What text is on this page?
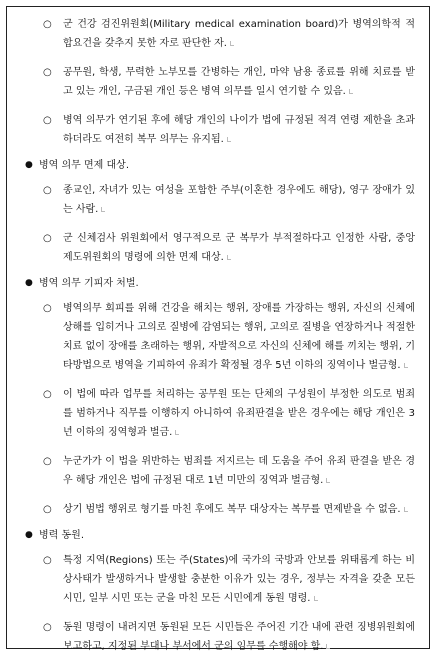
○ 군 건강 검진위원회(Military medical examination board)가 병역의학적 적합요건을 갖추지 못한 자로 판단한 자.
○ 공무원, 학생, 무력한 노부모를 간병하는 개인, 마약 남용 종료를 위해 치료를 받고 있는 개인, 구금된 개인 등은 병역 의무를 일시 연기할 수 있음.
○ 병역 의무가 연기된 후에 해당 개인의 나이가 법에 규정된 적격 연령 제한을 초과하더라도 여전히 복무 의무는 유지됨.
● 병역 의무 면제 대상.
○ 종교인, 자녀가 있는 여성을 포함한 주부(이혼한 경우에도 해당), 영구 장애가 있는 사람.
○ 군 신체검사 위원회에서 영구적으로 군 복무가 부적절하다고 인정한 사람, 중앙 제도위원회의 명령에 의한 면제 대상.
● 병역 의무 기피자 처벌.
○ 병역의무 회피를 위해 건강을 해치는 행위, 장애를 가장하는 행위, 자신의 신체에 상해를 입히거나 고의로 질병에 감염되는 행위, 고의로 질병을 연장하거나 적절한 치료 없이 장애를 초래하는 행위, 자발적으로 자신의 신체에 해를 끼치는 행위, 기타방법으로 병역을 기피하여 유죄가 확정될 경우 5년 이하의 징역이나 벌금형.
○ 이 법에 따라 업무를 처리하는 공무원 또는 단체의 구성원이 부정한 의도로 범죄를 범하거나 직무를 이행하지 아니하여 유죄판결을 받은 경우에는 해당 개인은 3년 이하의 징역형과 벌금.
○ 누군가가 이 법을 위반하는 범죄를 저지르는 데 도움을 주어 유죄 판결을 받은 경우 해당 개인은 법에 규정된 대로 1년 미만의 징역과 벌금형.
○ 상기 범법 행위로 형기를 마친 후에도 복무 대상자는 복무를 면제받을 수 없음.
● 병력 동원.
○ 특정 지역(Regions) 또는 주(States)에 국가의 국방과 안보를 위태롭게 하는 비상사태가 발생하거나 발생할 충분한 이유가 있는 경우, 정부는 자격을 갖춘 모든 시민, 일부 시민 또는 군을 마친 모든 시민에게 동원 명령.
○ 동원 명령이 내려지면 동원된 모든 시민들은 주어진 기간 내에 관련 징병위원회에 보고하고, 지정된 부대나 부서에서 군의 임무를 수행해야 함.
